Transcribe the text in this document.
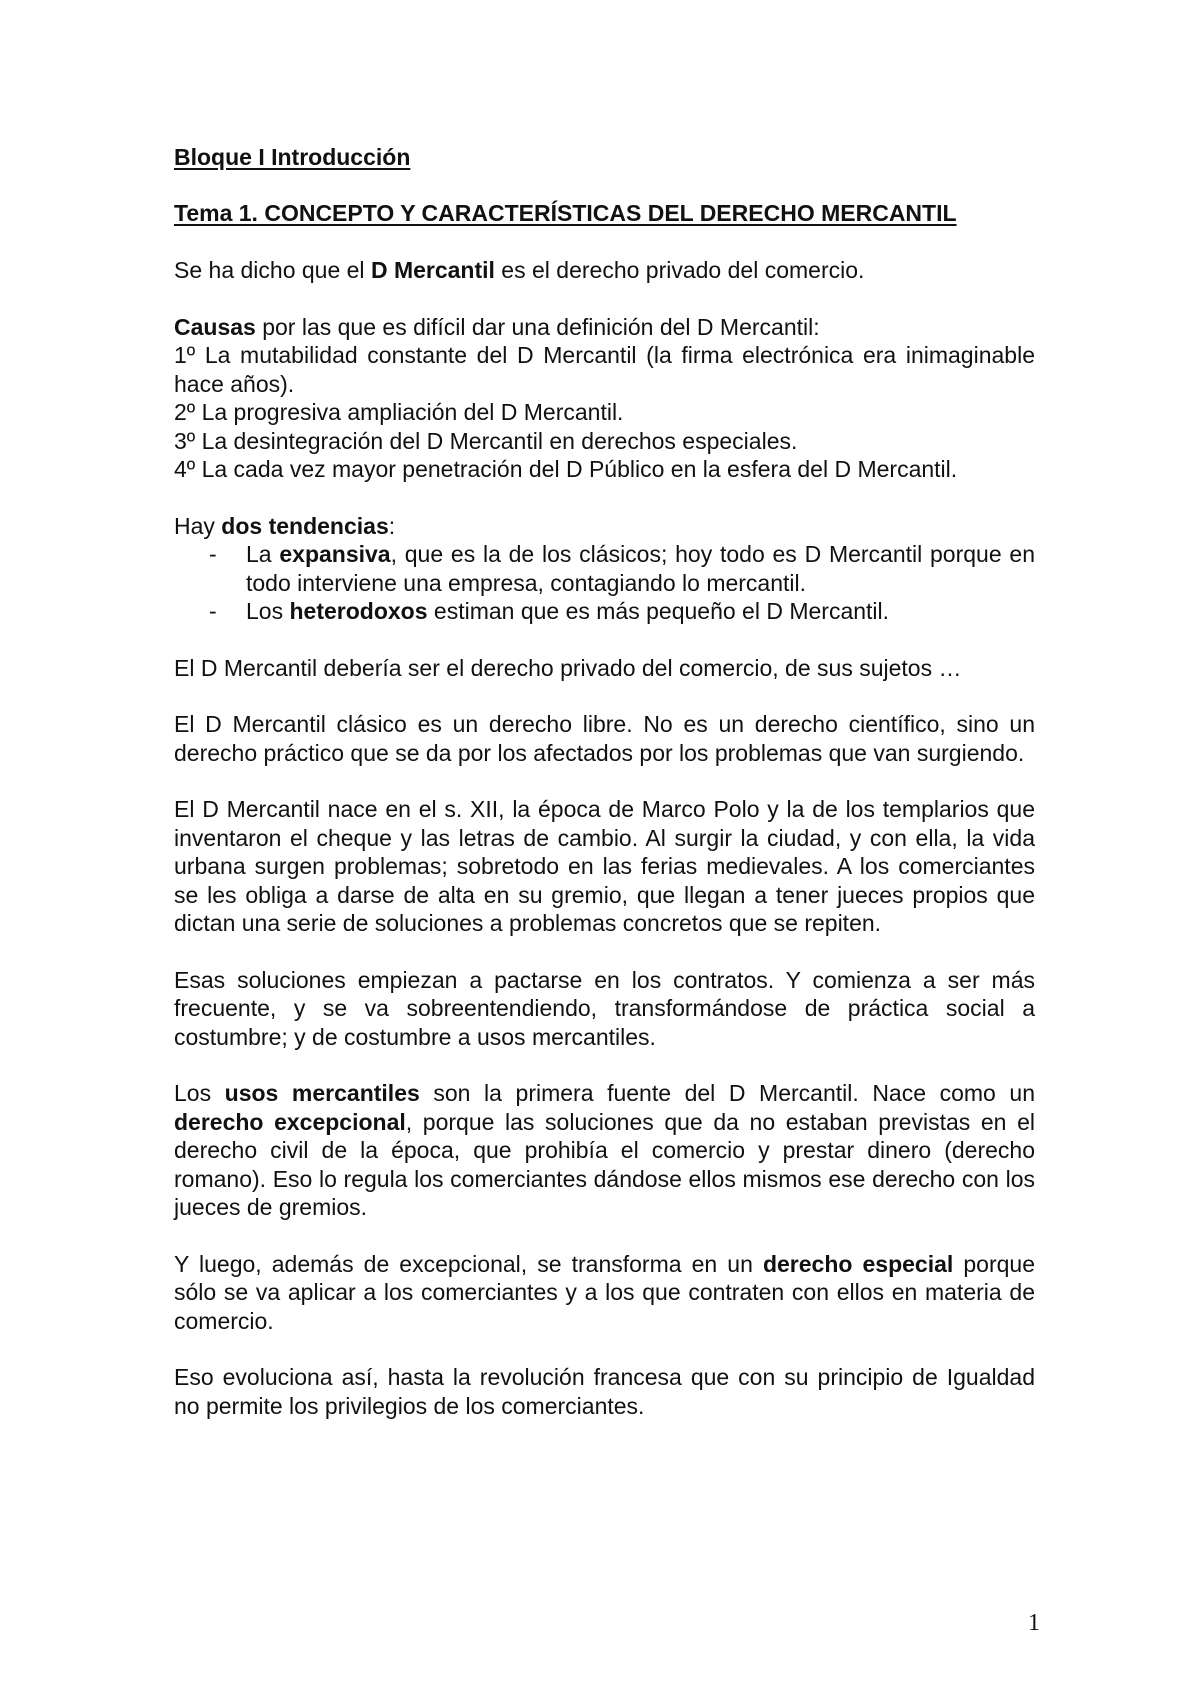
Bloque I Introducción
Tema 1. CONCEPTO Y CARACTERÍSTICAS DEL DERECHO MERCANTIL

Se ha dicho que el D Mercantil es el derecho privado del comercio.

Causas por las que es difícil dar una definición del D Mercantil:
1º La mutabilidad constante del D Mercantil (la firma electrónica era inimaginable hace años).
2º La progresiva ampliación del D Mercantil.
3º La desintegración del D Mercantil en derechos especiales.
4º La cada vez mayor penetración del D Público en la esfera del D Mercantil.
Hay dos tendencias:
- La expansiva, que es la de los clásicos; hoy todo es D Mercantil porque en todo interviene una empresa, contagiando lo mercantil.
- Los heterodoxos estiman que es más pequeño el D Mercantil.

El D Mercantil debería ser el derecho privado del comercio, de sus sujetos …

El D Mercantil clásico es un derecho libre. No es un derecho científico, sino un derecho práctico que se da por los afectados por los problemas que van surgiendo.

El D Mercantil nace en el s. XII, la época de Marco Polo y la de los templarios que inventaron el cheque y las letras de cambio. Al surgir la ciudad, y con ella, la vida urbana surgen problemas; sobretodo en las ferias medievales. A los comerciantes se les obliga a darse de alta en su gremio, que llegan a tener jueces propios que dictan una serie de soluciones a problemas concretos que se repiten.

Esas soluciones empiezan a pactarse en los contratos. Y comienza a ser más frecuente, y se va sobreentendiendo, transformándose de práctica social a costumbre; y de costumbre a usos mercantiles.

Los usos mercantiles son la primera fuente del D Mercantil. Nace como un derecho excepcional, porque las soluciones que da no estaban previstas en el derecho civil de la época, que prohibía el comercio y prestar dinero (derecho romano). Eso lo regula los comerciantes dándose ellos mismos ese derecho con los jueces de gremios.

Y luego, además de excepcional, se transforma en un derecho especial porque sólo se va aplicar a los comerciantes y a los que contraten con ellos en materia de comercio.

Eso evoluciona así, hasta la revolución francesa que con su principio de Igualdad no permite los privilegios de los comerciantes.

1
